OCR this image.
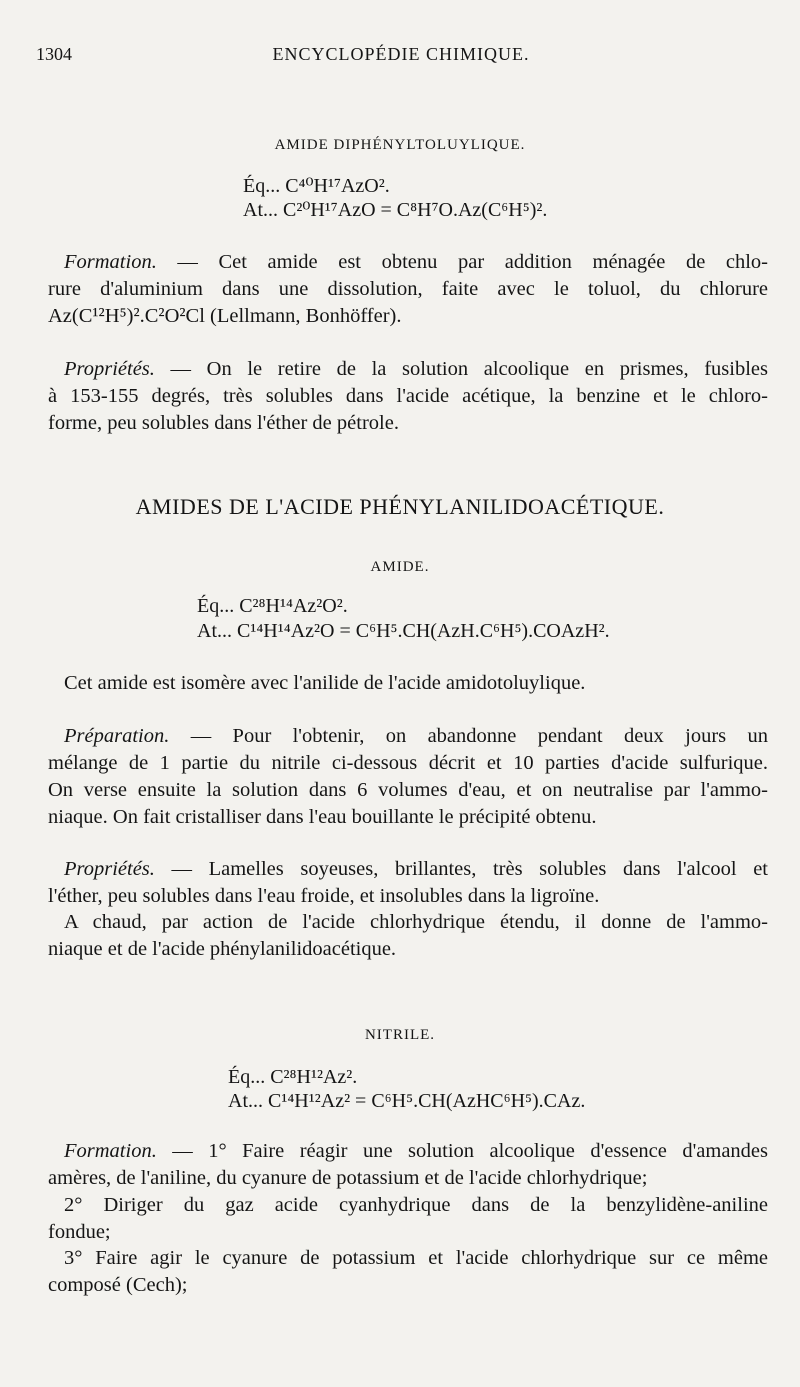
1304	ENCYCLOPÉDIE CHIMIQUE.
AMIDE DIPHÉNYLTOLUYLIQUE.
Éq... C⁴⁰H¹⁷AzO².
At... C²⁰H¹⁷AzO = C⁸H⁷O.Az(C⁶H⁵)².
Formation. — Cet amide est obtenu par addition ménagée de chlo-
rure d'aluminium dans une dissolution, faite avec le toluol, du chlorure
Az(C¹²H⁵)².C²O²Cl (Lellmann, Bonhöffer).
Propriétés. — On le retire de la solution alcoolique en prismes, fusibles
à 153-155 degrés, très solubles dans l'acide acétique, la benzine et le chloro-
forme, peu solubles dans l'éther de pétrole.
AMIDES DE L'ACIDE PHÉNYLANILIDOACÉTIQUE.
AMIDE.
Éq... C²⁸H¹⁴Az²O².
At... C¹⁴H¹⁴Az²O = C⁶H⁵.CH(AzH.C⁶H⁵).COAzH².
Cet amide est isomère avec l'anilide de l'acide amidotoluylique.
Préparation. — Pour l'obtenir, on abandonne pendant deux jours un
mélange de 1 partie du nitrile ci-dessous décrit et 10 parties d'acide sulfurique.
On verse ensuite la solution dans 6 volumes d'eau, et on neutralise par l'ammo-
niaque. On fait cristalliser dans l'eau bouillante le précipité obtenu.
Propriétés. — Lamelles soyeuses, brillantes, très solubles dans l'alcool et
l'éther, peu solubles dans l'eau froide, et insolubles dans la ligroïne.
A chaud, par action de l'acide chlorhydrique étendu, il donne de l'ammo-
niaque et de l'acide phénylanilidoacétique.
NITRILE.
Éq... C²⁸H¹²Az².
At... C¹⁴H¹²Az² = C⁶H⁵.CH(AzHC⁶H⁵).CAz.
Formation. — 1° Faire réagir une solution alcoolique d'essence d'amandes
amères, de l'aniline, du cyanure de potassium et de l'acide chlorhydrique;
2° Diriger du gaz acide cyanhydrique dans de la benzylidène-aniline
fondue;
3° Faire agir le cyanure de potassium et l'acide chlorhydrique sur ce même
composé (Cech);
